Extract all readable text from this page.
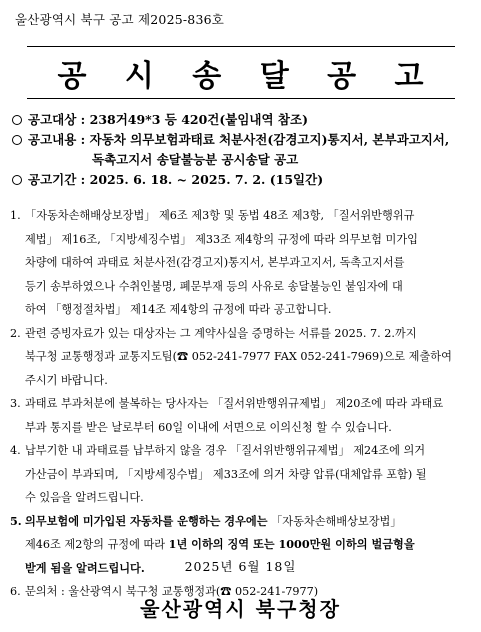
울산광역시 북구 공고 제2025-836호
공 시 송 달 공 고
공고대상 : 238거49*3 등 420건(붙임내역 참조)
공고내용 : 자동차 의무보험과태료 처분사전(감경고지)통지서, 본부과고지서,
독촉고지서 송달불능분 공시송달 공고
공고기간 : 2025. 6. 18. ~ 2025. 7. 2. (15일간)
1. 「자동차손해배상보장법」 제6조 제3항 및 동법 48조 제3항, 「질서위반행위규
제법」 제16조, 「지방세징수법」 제33조 제4항의 규정에 따라 의무보험 미가입
차량에 대하여 과태료 처분사전(감경고지)통지서, 본부과고지서, 독촉고지서를
등기 송부하였으나 수취인불명, 폐문부재 등의 사유로 송달불능인 붙임자에 대
하여 「행정절차법」 제14조 제4항의 규정에 따라 공고합니다.
2. 관련 증빙자료가 있는 대상자는 그 계약사실을 증명하는 서류를 2025. 7. 2.까지
북구청 교통행정과 교통지도팀(☎ 052-241-7977 FAX 052-241-7969)으로 제출하여
주시기 바랍니다.
3. 과태료 부과처분에 불복하는 당사자는 「질서위반행위규제법」 제20조에 따라 과태료
부과 통지를 받은 날로부터 60일 이내에 서면으로 이의신청 할 수 있습니다.
4. 납부기한 내 과태료를 납부하지 않을 경우 「질서위반행위규제법」 제24조에 의거
가산금이 부과되며, 「지방세징수법」 제33조에 의거 차량 압류(대체압류 포함) 될
수 있음을 알려드립니다.
5. 의무보험에 미가입된 자동차를 운행하는 경우에는 「자동차손해배상보장법」
제46조 제2항의 규정에 따라 1년 이하의 징역 또는 1000만원 이하의 벌금형을
받게 됨을 알려드립니다.
6. 문의처 : 울산광역시 북구청 교통행정과(☎ 052-241-7977)
2025년 6월 18일
울산광역시 북구청장
